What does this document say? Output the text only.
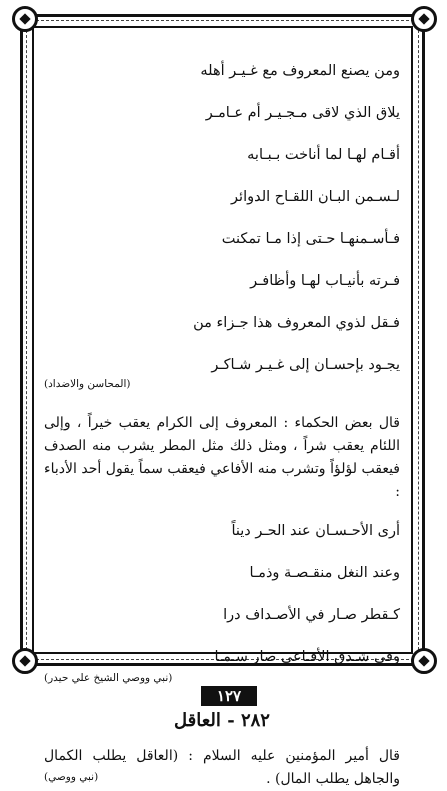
ومن يصنع المعروف مع غـيـر أهله
يلاق الذي لاقى مـجـيـر أم عـامـر
أقـام لهـا لما أناخت بـبـابه
لـسـمن البـان اللقـاح الدوائر
فـأسـمنهـا حـتى إذا مـا تمكنت
فـرته بأنيـاب لهـا وأظافـر
فـقل لذوي المعروف هذا جـزاء من
يجـود بإحسـان إلى غـيـر شـاكـر
(المحاسن والاضداد)
قال بعض الحكماء : المعروف إلى الكرام يعقب خيراً ، وإلى اللئام يعقب شراً ، ومثل ذلك مثل المطر يشرب منه الصدف فيعقب لؤلؤاً وتشرب منه الأفاعي فيعقب سماً يقول أحد الأدباء :
أرى الأحـسـان عند الحـر ديناً
وعند النغل منقـصـة وذمـا
كـقطر صـار في الأصـداف درا
وفي شـدق الأفـاعي صار سـمـا
(نبي ووصي الشيخ علي حيدر)
٢٨٢ - العاقل
قال أمير المؤمنين عليه السلام : (العاقل يطلب الكمال والجاهل يطلب المال) .
(نبي ووصي)
١٢٧
